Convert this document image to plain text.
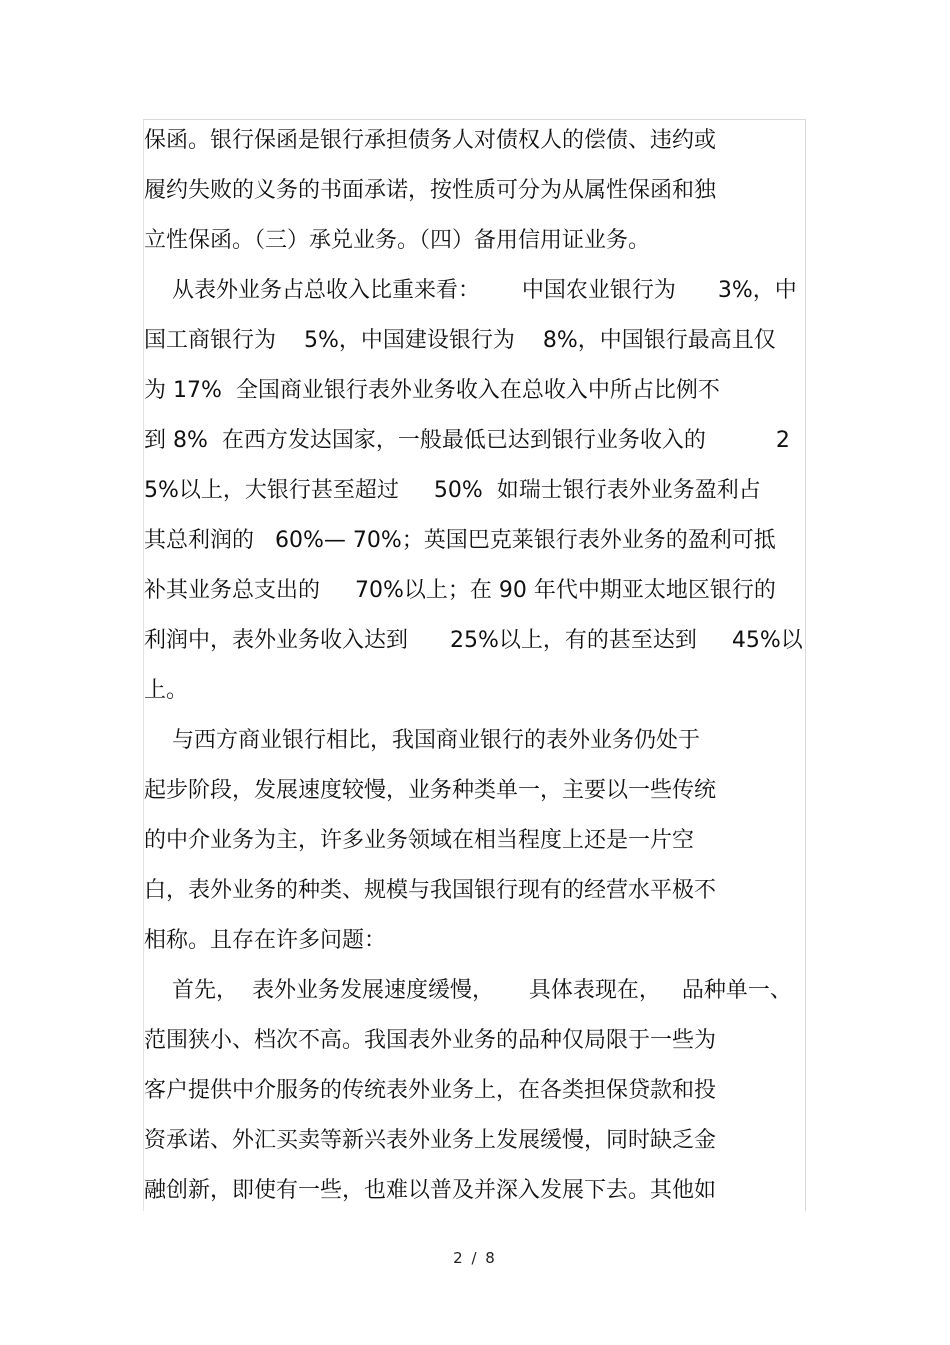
保函。银行保函是银行承担债务人对债权人的偿债、违约或
履约失败的义务的书面承诺，按性质可分为从属性保函和独
立性保函。（三）承兑业务。（四）备用信用证业务。
从表外业务占总收入比重来看：      中国农业银行为      3%，中
国工商银行为    5%，中国建设银行为    8%，中国银行最高且仅
为 17%  全国商业银行表外业务收入在总收入中所占比例不
到 8%  在西方发达国家，一般最低已达到银行业务收入的          2
5%以上，大银行甚至超过     50%  如瑞士银行表外业务盈利占
其总利润的   60%— 70%；英国巴克莱银行表外业务的盈利可抵
补其业务总支出的     70%以上；在 90 年代中期亚太地区银行的
利润中，表外业务收入达到      25%以上，有的甚至达到     45%以
上。
与西方商业银行相比，我国商业银行的表外业务仍处于
起步阶段，发展速度较慢，业务种类单一，主要以一些传统
的中介业务为主，许多业务领域在相当程度上还是一片空
白，表外业务的种类、规模与我国银行现有的经营水平极不
相称。且存在许多问题：
首先，  表外业务发展速度缓慢，     具体表现在，   品种单一、
范围狭小、档次不高。我国表外业务的品种仅局限于一些为
客户提供中介服务的传统表外业务上，在各类担保贷款和投
资承诺、外汇买卖等新兴表外业务上发展缓慢，同时缺乏金
融创新，即使有一些，也难以普及并深入发展下去。其他如
2 / 8
